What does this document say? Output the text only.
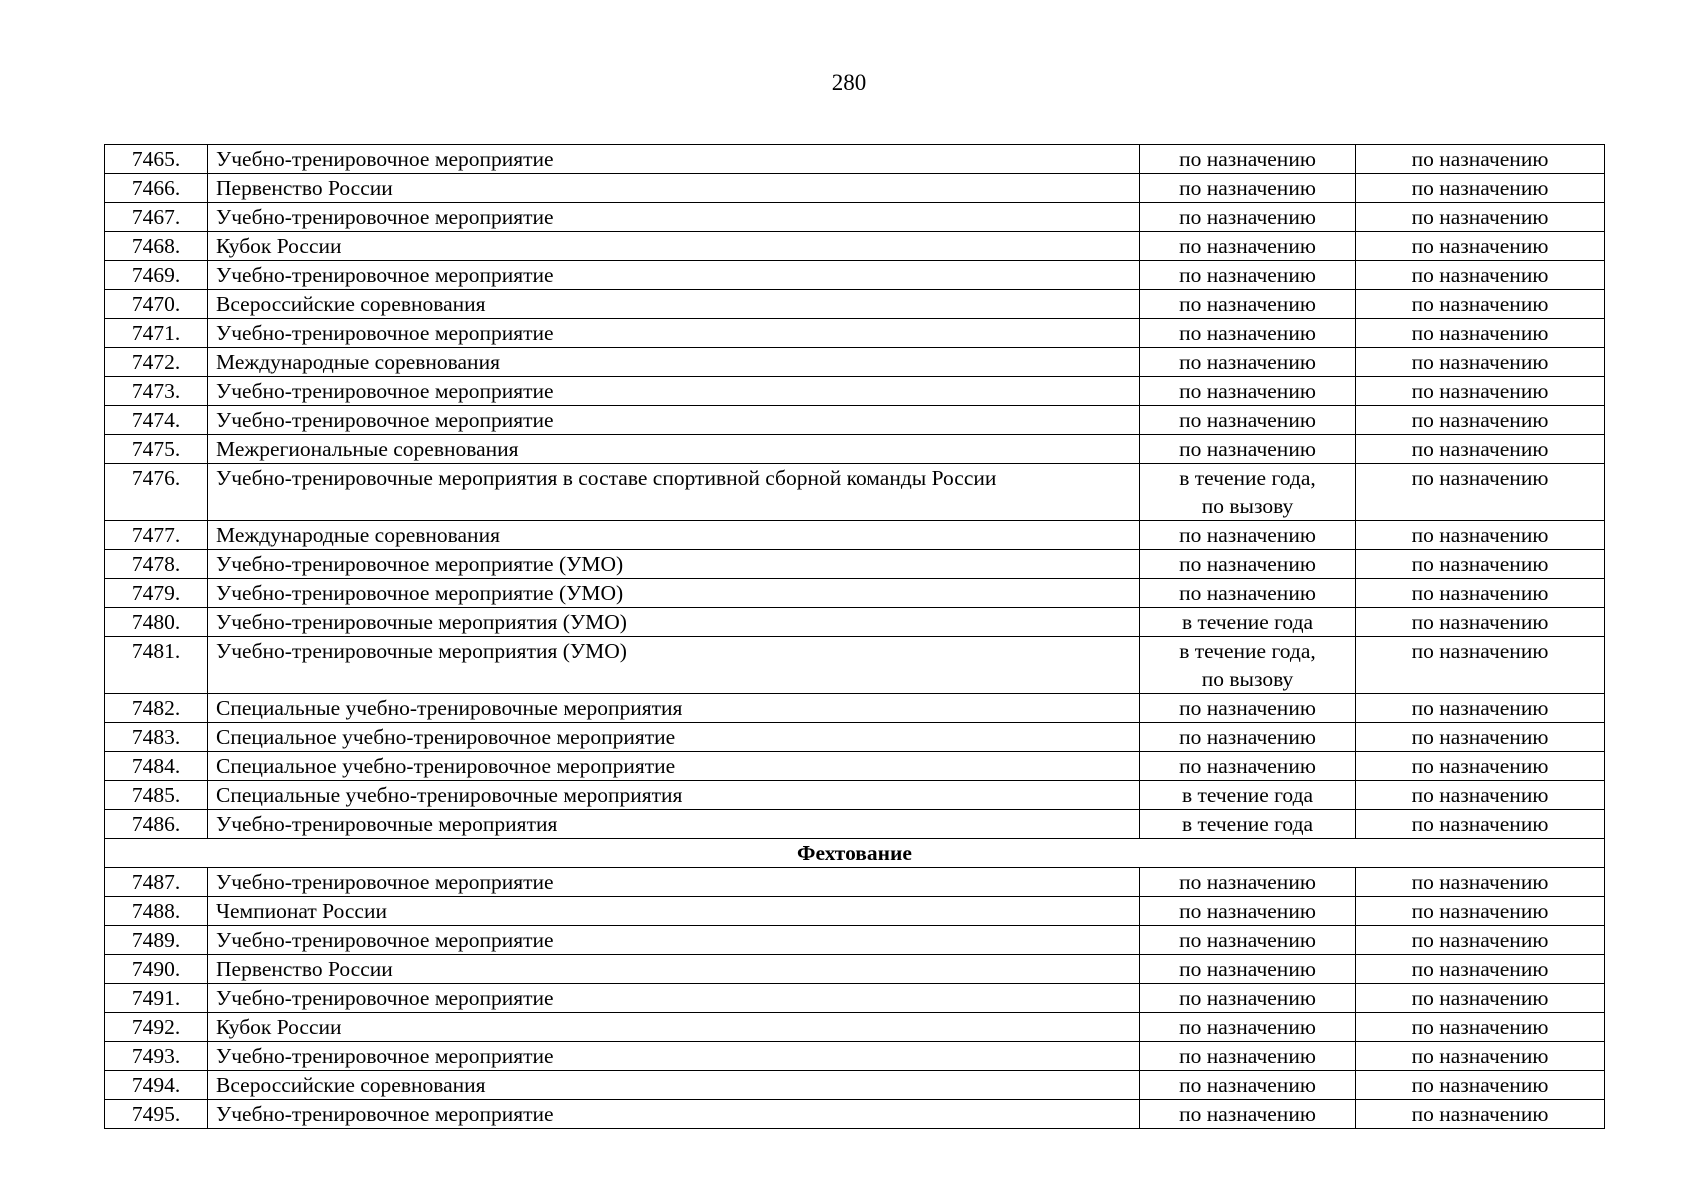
280
7465.	Учебно-тренировочное мероприятие	по назначению	по назначению
7466.	Первенство России	по назначению	по назначению
7467.	Учебно-тренировочное мероприятие	по назначению	по назначению
7468.	Кубок России	по назначению	по назначению
7469.	Учебно-тренировочное мероприятие	по назначению	по назначению
7470.	Всероссийские соревнования	по назначению	по назначению
7471.	Учебно-тренировочное мероприятие	по назначению	по назначению
7472.	Международные соревнования	по назначению	по назначению
7473.	Учебно-тренировочное мероприятие	по назначению	по назначению
7474.	Учебно-тренировочное мероприятие	по назначению	по назначению
7475.	Межрегиональные соревнования	по назначению	по назначению
7476.	Учебно-тренировочные мероприятия в составе спортивной сборной команды России	в течение года,
по вызову	по назначению
7477.	Международные соревнования	по назначению	по назначению
7478.	Учебно-тренировочное мероприятие (УМО)	по назначению	по назначению
7479.	Учебно-тренировочное мероприятие (УМО)	по назначению	по назначению
7480.	Учебно-тренировочные мероприятия (УМО)	в течение года	по назначению
7481.	Учебно-тренировочные мероприятия (УМО)	в течение года,
по вызову	по назначению
7482.	Специальные учебно-тренировочные мероприятия	по назначению	по назначению
7483.	Специальное учебно-тренировочное мероприятие	по назначению	по назначению
7484.	Специальное учебно-тренировочное мероприятие	по назначению	по назначению
7485.	Специальные учебно-тренировочные мероприятия	в течение года	по назначению
7486.	Учебно-тренировочные мероприятия	в течение года	по назначению
Фехтование			
7487.	Учебно-тренировочное мероприятие	по назначению	по назначению
7488.	Чемпионат России	по назначению	по назначению
7489.	Учебно-тренировочное мероприятие	по назначению	по назначению
7490.	Первенство России	по назначению	по назначению
7491.	Учебно-тренировочное мероприятие	по назначению	по назначению
7492.	Кубок России	по назначению	по назначению
7493.	Учебно-тренировочное мероприятие	по назначению	по назначению
7494.	Всероссийские соревнования	по назначению	по назначению
7495.	Учебно-тренировочное мероприятие	по назначению	по назначению
